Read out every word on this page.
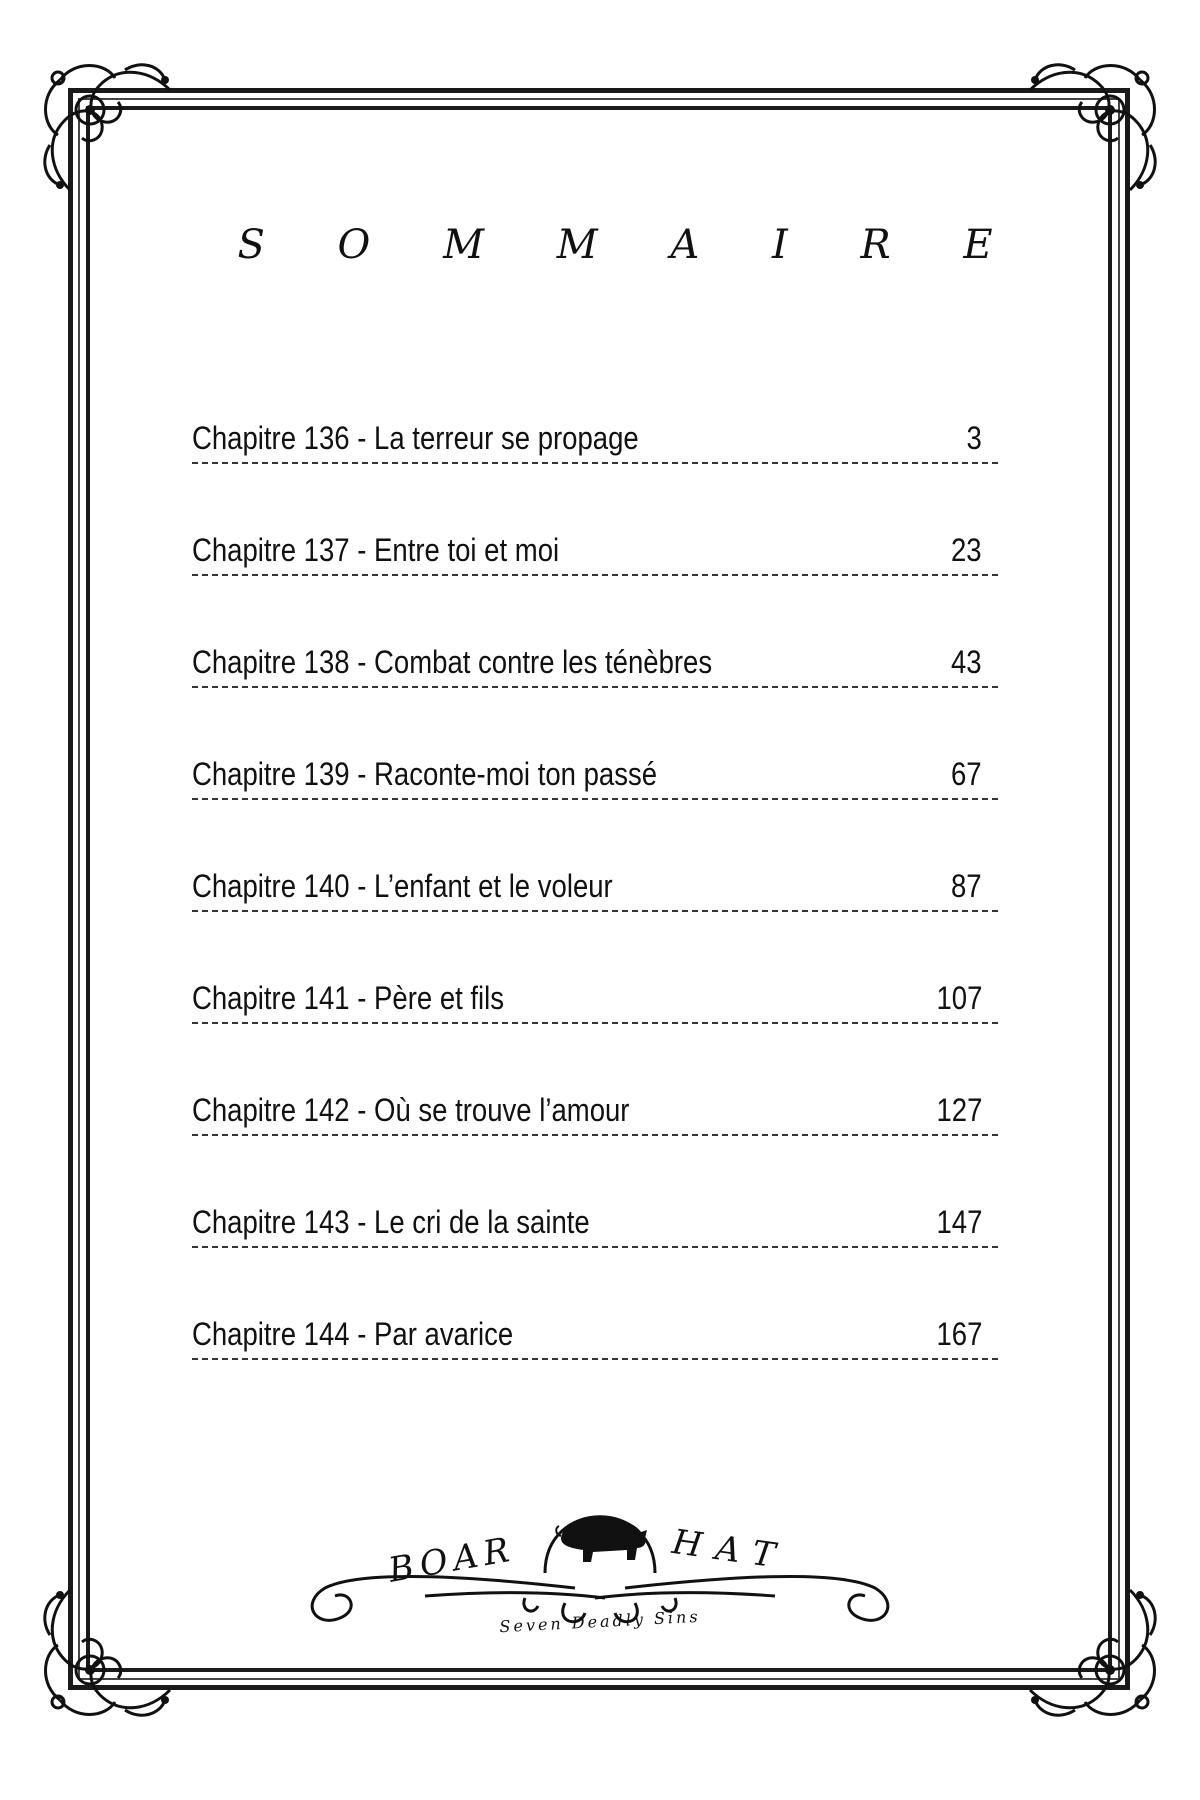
S O M M A I R E
Chapitre 136 - La terreur se propage	3
Chapitre 137 - Entre toi et moi	23
Chapitre 138 - Combat contre les ténèbres	43
Chapitre 139 - Raconte-moi ton passé	67
Chapitre 140 - L’enfant et le voleur	87
Chapitre 141 - Père et fils	107
Chapitre 142 - Où se trouve l’amour	127
Chapitre 143 - Le cri de la sainte	147
Chapitre 144 - Par avarice	167
BOAR	HAT
Seven Deadly Sins
